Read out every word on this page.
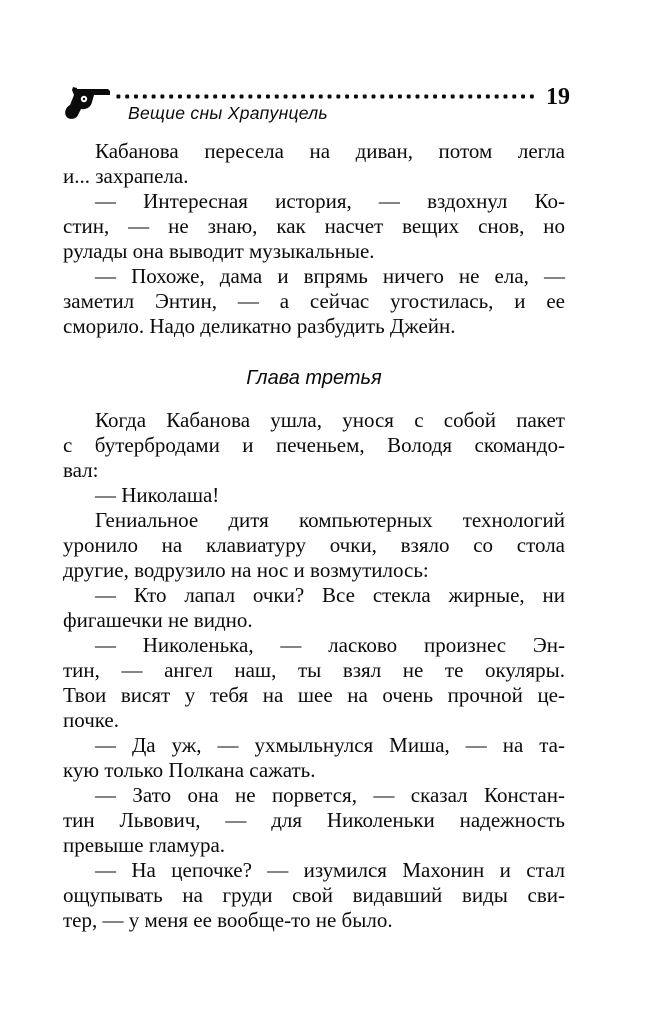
19
Вещие сны Храпунцель
Кабанова пересела на диван, потом легла
и... захрапела.
— Интересная история, — вздохнул Ко-
стин, — не знаю, как насчет вещих снов, но
рулады она выводит музыкальные.
— Похоже, дама и впрямь ничего не ела, —
заметил Энтин, — а сейчас угостилась, и ее
сморило. Надо деликатно разбудить Джейн.
Глава третья
Когда Кабанова ушла, унося с собой пакет
с бутербродами и печеньем, Володя скомандо-
вал:
— Николаша!
Гениальное дитя компьютерных технологий
уронило на клавиатуру очки, взяло со стола
другие, водрузило на нос и возмутилось:
— Кто лапал очки? Все стекла жирные, ни
фигашечки не видно.
— Николенька, — ласково произнес Эн-
тин, — ангел наш, ты взял не те окуляры.
Твои висят у тебя на шее на очень прочной це-
почке.
— Да уж, — ухмыльнулся Миша, — на та-
кую только Полкана сажать.
— Зато она не порвется, — сказал Констан-
тин Львович, — для Николеньки надежность
превыше гламура.
— На цепочке? — изумился Махонин и стал
ощупывать на груди свой видавший виды сви-
тер, — у меня ее вообще-то не было.
